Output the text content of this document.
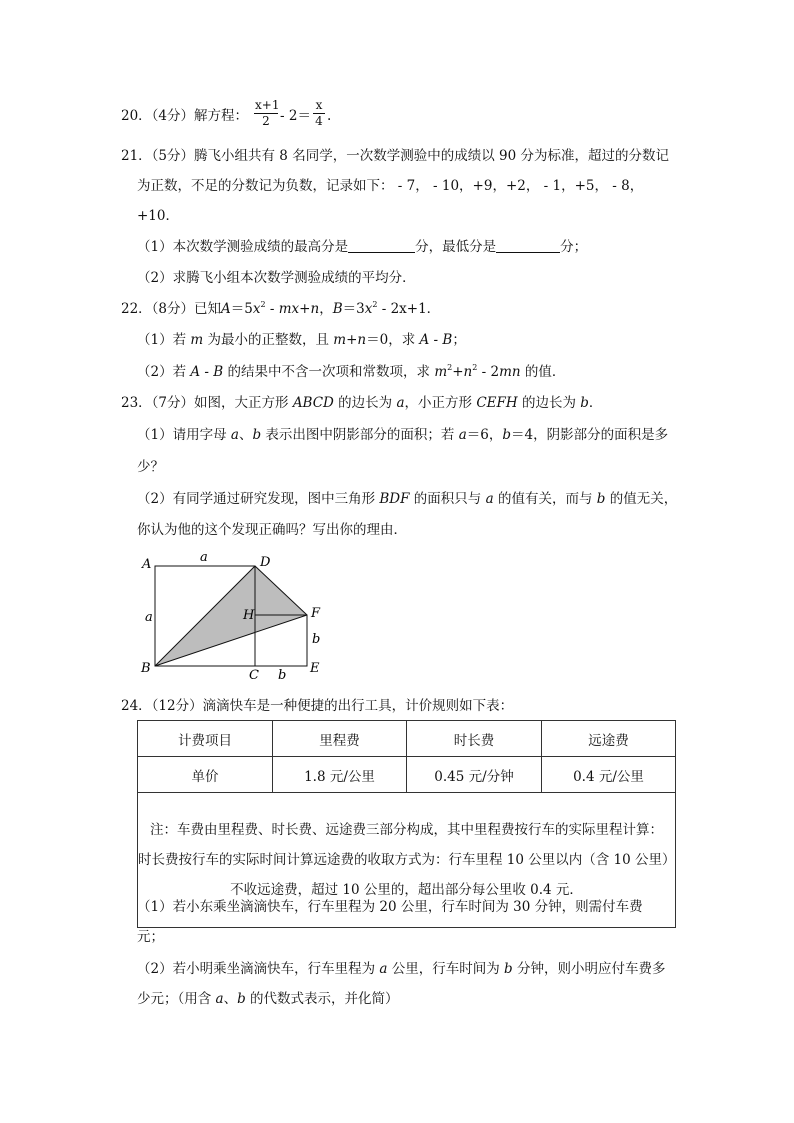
20．（4分）解方程： $\frac{x+1}{2} - 2= \frac{x}{4}$ .
21．（5分）腾飞小组共有 8 名同学，一次数学测验中的成绩以 90 分为标准，超过的分数记
为正数，不足的分数记为负数，记录如下： - 7， - 10，+9，+2， - 1，+5， - 8，
+10．
（1）本次数学测验成绩的最高分是	分，最低分是	分；
（2）求腾飞小组本次数学测验成绩的平均分．
22．（8分）已知$A=5x^2 - mx+n$，$B=3x^2 - 2x+1$．
（1）若 m 为最小的正整数，且 m+n＝0，求 A - B；
（2）若 A - B 的结果中不含一次项和常数项，求 $m^2+n^2 - 2mn$ 的值．
23．（7分）如图，大正方形 ABCD 的边长为 a，小正方形 CEFH 的边长为 b．
（1）请用字母 a、b 表示出图中阴影部分的面积；若 a＝6，b＝4，阴影部分的面积是多
少？
（2）有同学通过研究发现，图中三角形 BDF 的面积只与 a 的值有关，而与 b 的值无关，
你认为他的这个发现正确吗？写出你的理由．
A	a	D
a	H	F
b
B	C b E
24．（12分）滴滴快车是一种便捷的出行工具，计价规则如下表：
计费项目	里程费	时长费	远途费
单价	1.8 元/公里	0.45 元/分钟	0.4 元/公里

注：车费由里程费、时长费、远途费三部分构成，其中里程费按行车的实际里程计算：
时长费按行车的实际时间计算远途费的收取方式为：行车里程 10 公里以内（含 10 公里）
不收远途费，超过 10 公里的，超出部分每公里收 0.4 元．			
（1）若小东乘坐滴滴快车，行车里程为 20 公里，行车时间为 30 分钟，则需付车费
元；
（2）若小明乘坐滴滴快车，行车里程为 a 公里，行车时间为 b 分钟，则小明应付车费多
少元；（用含 a、b 的代数式表示，并化简）
